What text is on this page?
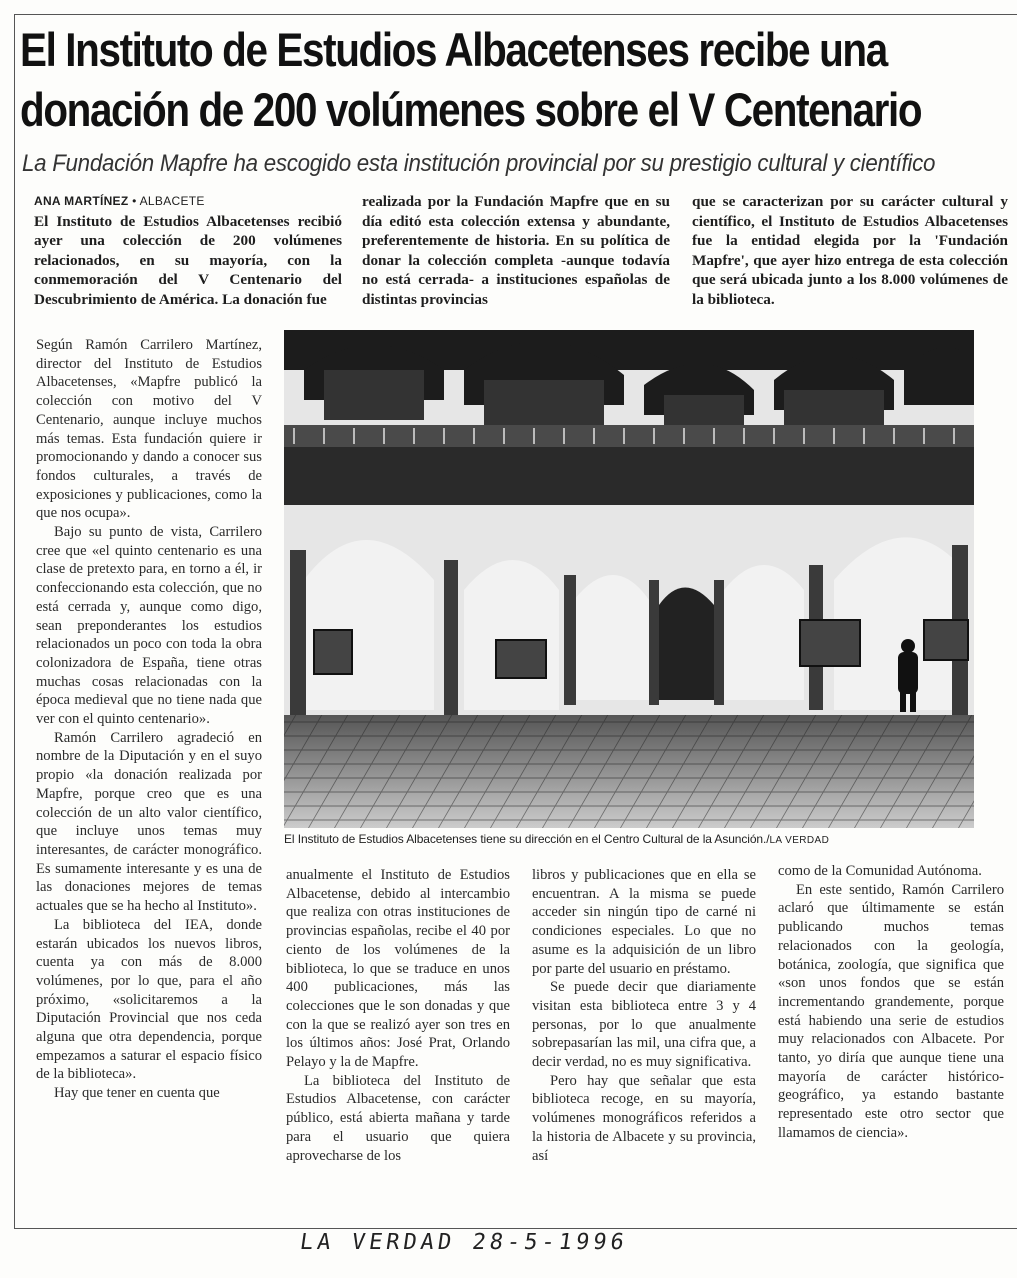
El Instituto de Estudios Albacetenses recibe una
donación de 200 volúmenes sobre el V Centenario
La Fundación Mapfre ha escogido esta institución provincial por su prestigio cultural y científico
ANA MARTÍNEZ • ALBACETE
El Instituto de Estudios Albacetenses recibió ayer una colección de 200 volúmenes relacionados, en su mayoría, con la conmemoración del V Centenario del Descubrimiento de América. La donación fue
realizada por la Fundación Mapfre que en su día editó esta colección extensa y abundante, preferentemente de historia. En su política de donar la colección completa -aunque todavía no está cerrada- a instituciones españolas de distintas provincias
que se caracterizan por su carácter cultural y científico, el Instituto de Estudios Albacetenses fue la entidad elegida por la 'Fundación Mapfre', que ayer hizo entrega de esta colección que será ubicada junto a los 8.000 volúmenes de la biblioteca.

Según Ramón Carrilero Martínez, director del Instituto de Estudios Albacetenses, «Mapfre publicó la colección con motivo del V Centenario, aunque incluye muchos más temas. Esta fundación quiere ir promocionando y dando a conocer sus fondos culturales, a través de exposiciones y publicaciones, como la que nos ocupa».

Bajo su punto de vista, Carrilero cree que «el quinto centenario es una clase de pretexto para, en torno a él, ir confeccionando esta colección, que no está cerrada y, aunque como digo, sean preponderantes los estudios relacionados un poco con toda la obra colonizadora de España, tiene otras muchas cosas relacionadas con la época medieval que no tiene nada que ver con el quinto centenario».

Ramón Carrilero agradeció en nombre de la Diputación y en el suyo propio «la donación realizada por Mapfre, porque creo que es una colección de un alto valor científico, que incluye unos temas muy interesantes, de carácter monográfico. Es sumamente interesante y es una de las donaciones mejores de temas actuales que se ha hecho al Instituto».

La biblioteca del IEA, donde estarán ubicados los nuevos libros, cuenta ya con más de 8.000 volúmenes, por lo que, para el año próximo, «solicitaremos a la Diputación Provincial que nos ceda alguna que otra dependencia, porque empezamos a saturar el espacio físico de la biblioteca».

Hay que tener en cuenta que

El Instituto de Estudios Albacetenses tiene su dirección en el Centro Cultural de la Asunción./LA VERDAD

anualmente el Instituto de Estudios Albacetense, debido al intercambio que realiza con otras instituciones de provincias españolas, recibe el 40 por ciento de los volúmenes de la biblioteca, lo que se traduce en unos 400 publicaciones, más las colecciones que le son donadas y que con la que se realizó ayer son tres en los últimos años: José Prat, Orlando Pelayo y la de Mapfre.

La biblioteca del Instituto de Estudios Albacetense, con carácter público, está abierta mañana y tarde para el usuario que quiera aprovecharse de los

libros y publicaciones que en ella se encuentran. A la misma se puede acceder sin ningún tipo de carné ni condiciones especiales. Lo que no asume es la adquisición de un libro por parte del usuario en préstamo.

Se puede decir que diariamente visitan esta biblioteca entre 3 y 4 personas, por lo que anualmente sobrepasarían las mil, una cifra que, a decir verdad, no es muy significativa.

Pero hay que señalar que esta biblioteca recoge, en su mayoría, volúmenes monográficos referidos a la historia de Albacete y su provincia, así

como de la Comunidad Autónoma.

En este sentido, Ramón Carrilero aclaró que últimamente se están publicando muchos temas relacionados con la geología, botánica, zoología, que significa que «son unos fondos que se están incrementando grandemente, porque está habiendo una serie de estudios muy relacionados con Albacete. Por tanto, yo diría que aunque tiene una mayoría de carácter histórico-geográfico, ya estando bastante representado este otro sector que llamamos de ciencia».

LA VERDAD 28-5-1996
